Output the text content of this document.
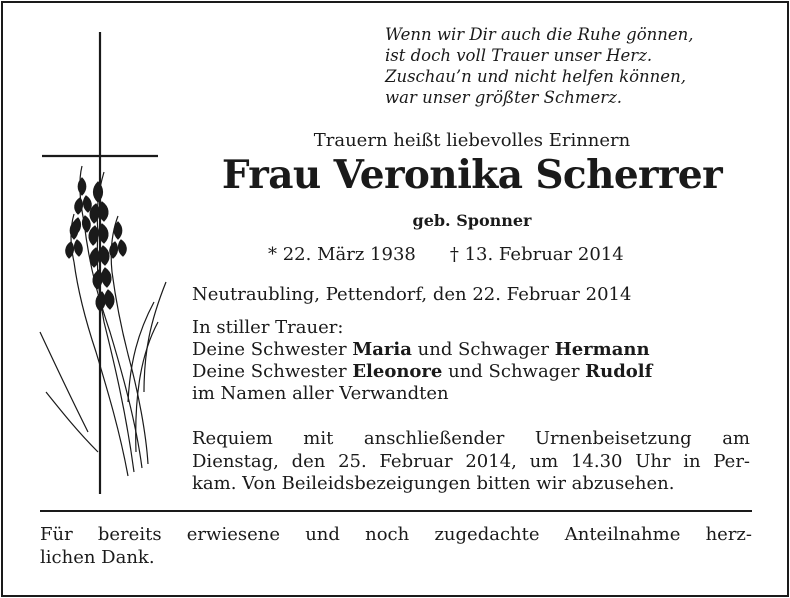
Wenn wir Dir auch die Ruhe gönnen,
ist doch voll Trauer unser Herz.
Zuschau’n und nicht helfen können,
war unser größter Schmerz.
Trauern heißt liebevolles Erinnern
Frau Veronika Scherrer
geb. Sponner
* 22. März 1938 † 13. Februar 2014
Neutraubling, Pettendorf, den 22. Februar 2014
In stiller Trauer:
Deine Schwester Maria und Schwager Hermann
Deine Schwester Eleonore und Schwager Rudolf
im Namen aller Verwandten
Requiem mit anschließender Urnenbeisetzung am
Dienstag, den 25. Februar 2014, um 14.30 Uhr in Per-
kam. Von Beileidsbezeigungen bitten wir abzusehen.
Für bereits erwiesene und noch zugedachte Anteilnahme herz-
lichen Dank.
